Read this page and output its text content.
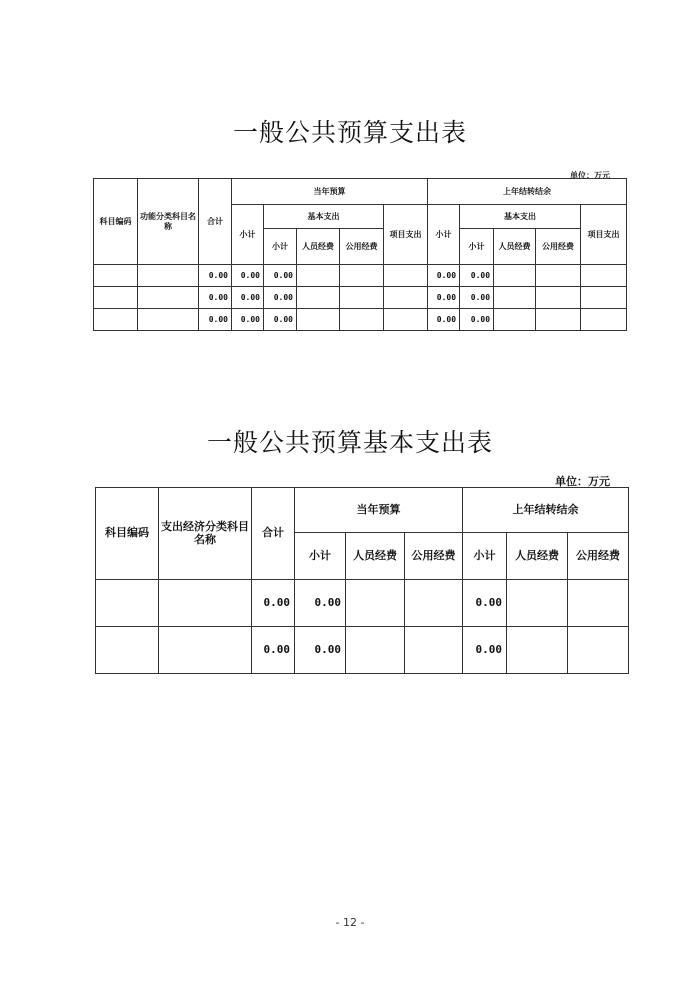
一般公共预算支出表
单位：万元
科目编码	功能分类科目名称	合计	当年预算					上年结转结余				
			小计	基本支出			项目支出	小计	基本支出			项目支出
				小计	人员经费	公用经费			小计	人员经费	公用经费	
		0.00	0.00	0.00				0.00	0.00			
		0.00	0.00	0.00				0.00	0.00			
		0.00	0.00	0.00				0.00	0.00			
一般公共预算基本支出表
单位：万元
科目编码	支出经济分类科目名称	合计	当年预算			上年结转结余		
			小计	人员经费	公用经费	小计	人员经费	公用经费
		0.00	0.00			0.00		
		0.00	0.00			0.00		
- 12 -
